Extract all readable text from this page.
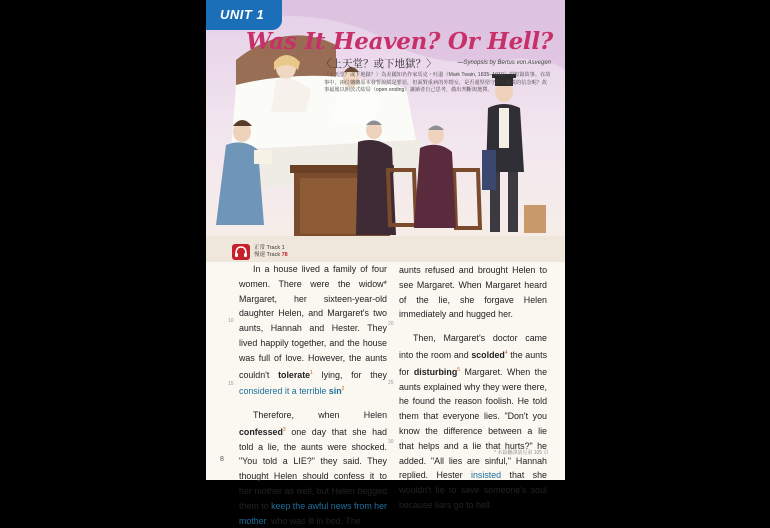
UNIT 1
Was It Heaven? Or Hell?
〈上天堂？或下地獄？〉	—Synopsis by Bertus von Asvegen
〈上天堂？或下地獄？〉為美國知名作家馬克・吐溫（Mark Twain, 1835–1910）的短篇故事。在故事中，兩位嬸嬸原本發誓說謊是罪惡，但面對重病的外甥女，是否還堅堅守住不說謊的信念呢？故事最後以開放式結局（open ending）讓讀者自己思考，做出判斷與選擇。
正常 Track 1
慢速 Track 78

In a house lived a family of four women. There were the widow* Margaret, her sixteen-year-old daughter Helen, and Margaret's two aunts, Hannah and Hester. They lived happily together, and the house was full of love. However, the aunts couldn't tolerate$^1$ lying, for they considered it a terrible sin$^2$

Therefore, when Helen confessed$^3$ one day that she had told a lie, the aunts were shocked. "You told a LIE?" they said. They thought Helen should confess it to her mother as well, but Helen begged them to keep the awful news from her mother, who was ill in bed. The

aunts refused and brought Helen to see Margaret. When Margaret heard of the lie, she forgave Helen immediately and hugged her.

Then, Margaret's doctor came into the room and scolded$^4$ the aunts for disturbing$^5$ Margaret. When the aunts explained why they were there, he found the reason foolish. He told them that everyone lies. "Don't you know the difference between a lie that helps and a lie that hurts?" he added. "All lies are sinful," Hannah replied. Hester insisted that she wouldn't lie to save someone's soul because liars go to hell.

10
15
20
25
30
* 本篇翻譯請見第 105 頁
8
